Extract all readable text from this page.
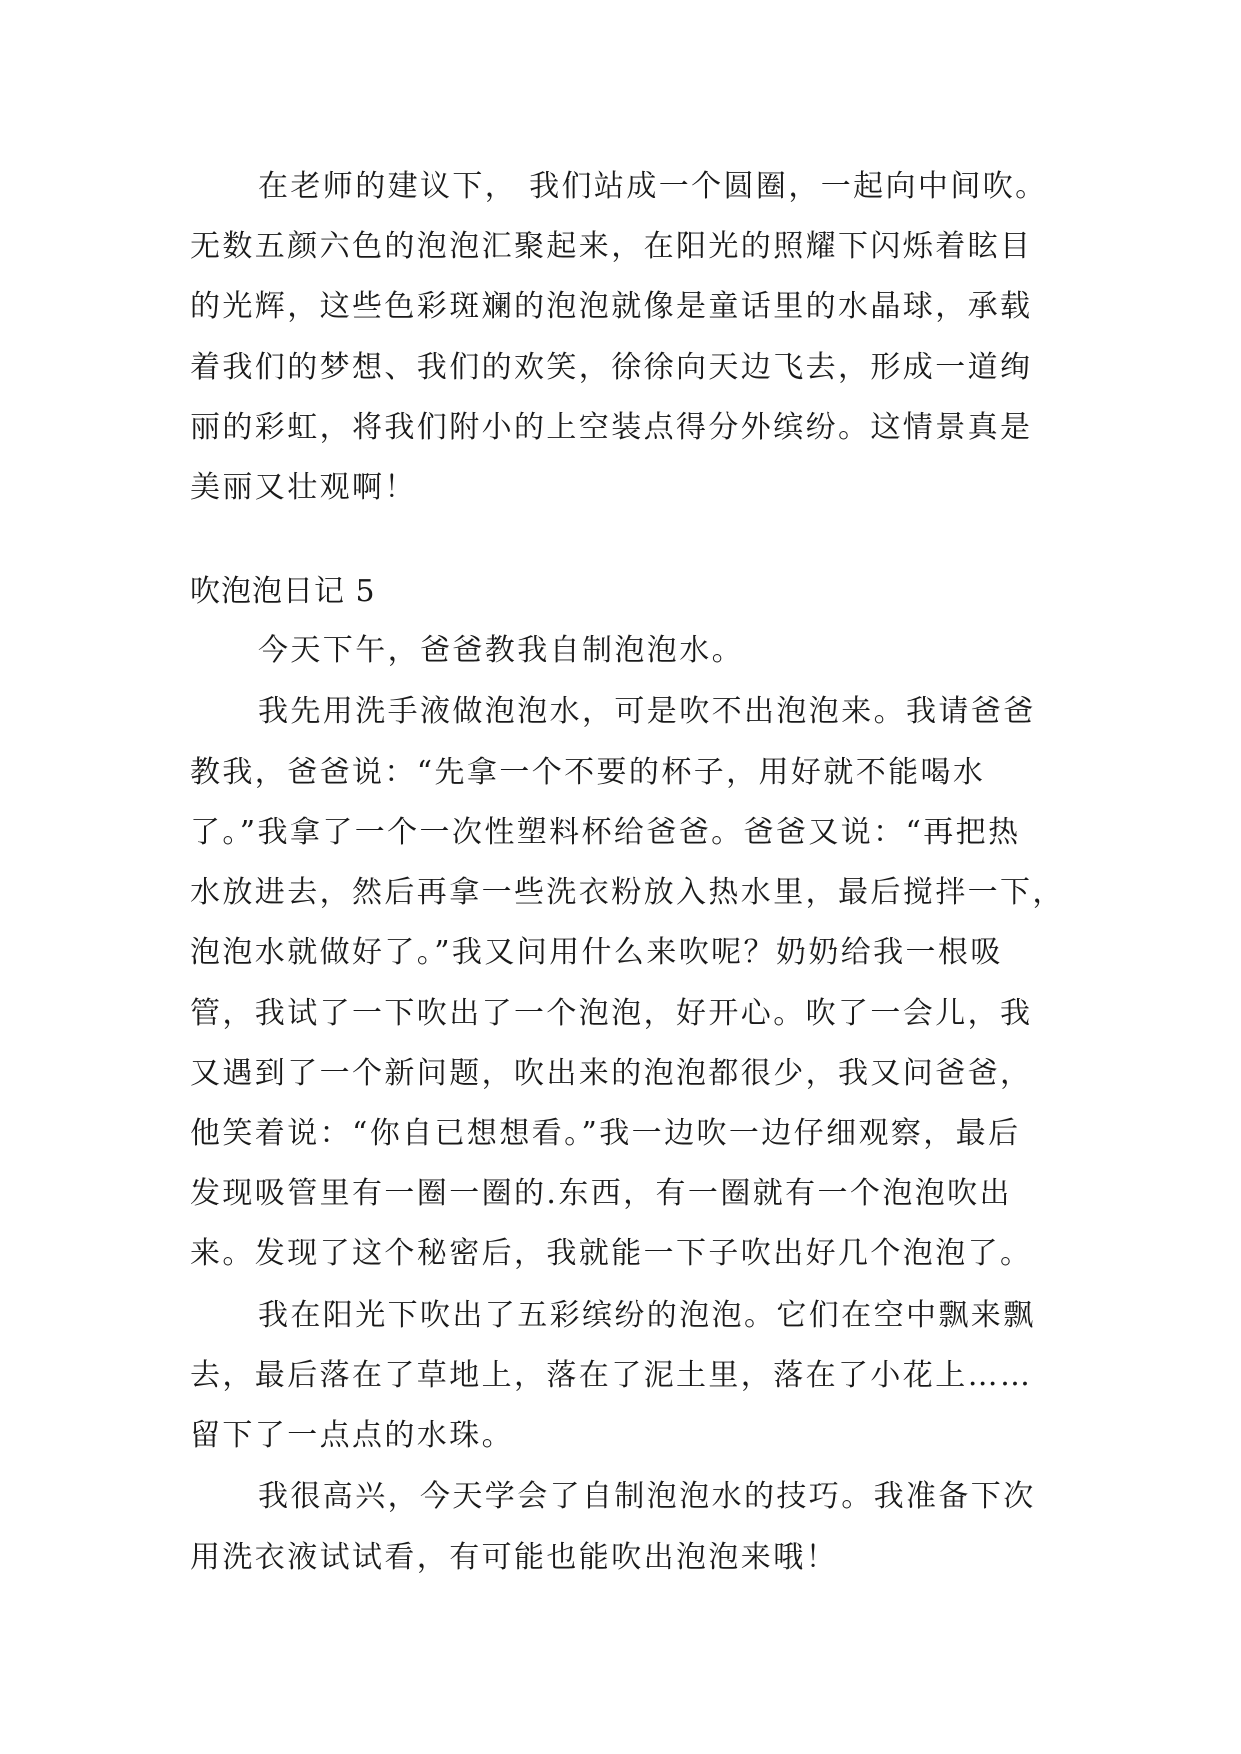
在老师的建议下， 我们站成一个圆圈，一起向中间吹。
无数五颜六色的泡泡汇聚起来，在阳光的照耀下闪烁着眩目
的光辉，这些色彩斑斓的泡泡就像是童话里的水晶球，承载
着我们的梦想、我们的欢笑，徐徐向天边飞去，形成一道绚
丽的彩虹，将我们附小的上空装点得分外缤纷。这情景真是
美丽又壮观啊！
吹泡泡日记 5
今天下午，爸爸教我自制泡泡水。
我先用洗手液做泡泡水，可是吹不出泡泡来。我请爸爸
教我，爸爸说：“先拿一个不要的杯子，用好就不能喝水
了。”我拿了一个一次性塑料杯给爸爸。爸爸又说：“再把热
水放进去，然后再拿一些洗衣粉放入热水里，最后搅拌一下，
泡泡水就做好了。”我又问用什么来吹呢？奶奶给我一根吸
管，我试了一下吹出了一个泡泡，好开心。吹了一会儿，我
又遇到了一个新问题，吹出来的泡泡都很少，我又问爸爸，
他笑着说：“你自已想想看。”我一边吹一边仔细观察，最后
发现吸管里有一圈一圈的.东西，有一圈就有一个泡泡吹出
来。发现了这个秘密后，我就能一下子吹出好几个泡泡了。
我在阳光下吹出了五彩缤纷的泡泡。它们在空中飘来飘
去，最后落在了草地上，落在了泥土里，落在了小花上……
留下了一点点的水珠。
我很高兴，今天学会了自制泡泡水的技巧。我准备下次
用洗衣液试试看，有可能也能吹出泡泡来哦！
